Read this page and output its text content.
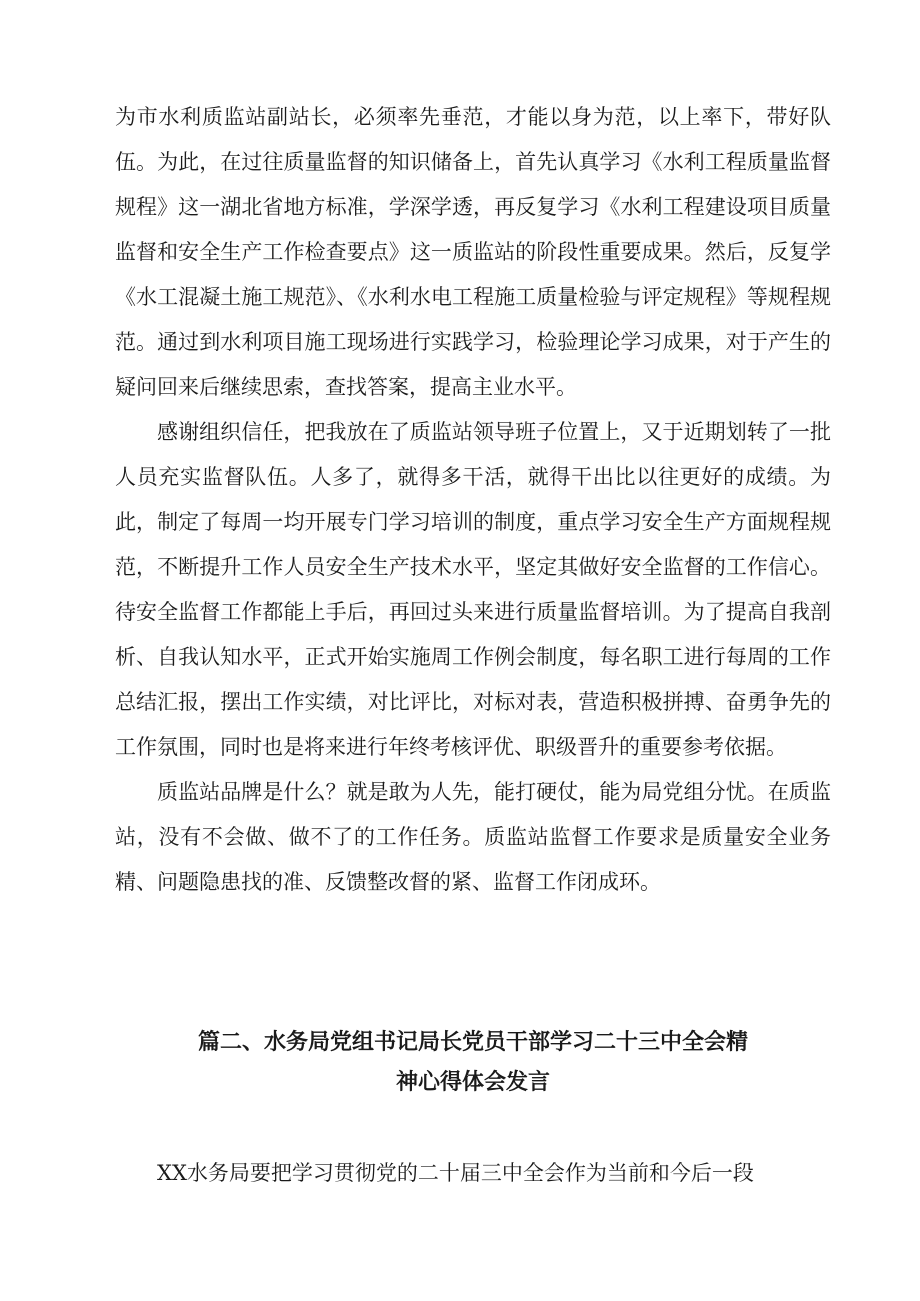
为市水利质监站副站长，必须率先垂范，才能以身为范，以上率下，带好队伍。为此，在过往质量监督的知识储备上，首先认真学习《水利工程质量监督规程》这一湖北省地方标准，学深学透，再反复学习《水利工程建设项目质量监督和安全生产工作检查要点》这一质监站的阶段性重要成果。然后，反复学《水工混凝土施工规范》、《水利水电工程施工质量检验与评定规程》等规程规范。通过到水利项目施工现场进行实践学习，检验理论学习成果，对于产生的疑问回来后继续思索，查找答案，提高主业水平。

感谢组织信任，把我放在了质监站领导班子位置上，又于近期划转了一批人员充实监督队伍。人多了，就得多干活，就得干出比以往更好的成绩。为此，制定了每周一均开展专门学习培训的制度，重点学习安全生产方面规程规范，不断提升工作人员安全生产技术水平，坚定其做好安全监督的工作信心。待安全监督工作都能上手后，再回过头来进行质量监督培训。为了提高自我剖析、自我认知水平，正式开始实施周工作例会制度，每名职工进行每周的工作总结汇报，摆出工作实绩，对比评比，对标对表，营造积极拼搏、奋勇争先的工作氛围，同时也是将来进行年终考核评优、职级晋升的重要参考依据。

质监站品牌是什么？就是敢为人先，能打硬仗，能为局党组分忧。在质监站，没有不会做、做不了的工作任务。质监站监督工作要求是质量安全业务精、问题隐患找的准、反馈整改督的紧、监督工作闭成环。

篇二、水务局党组书记局长党员干部学习二十三中全会精
神心得体会发言

XX水务局要把学习贯彻党的二十届三中全会作为当前和今后一段
